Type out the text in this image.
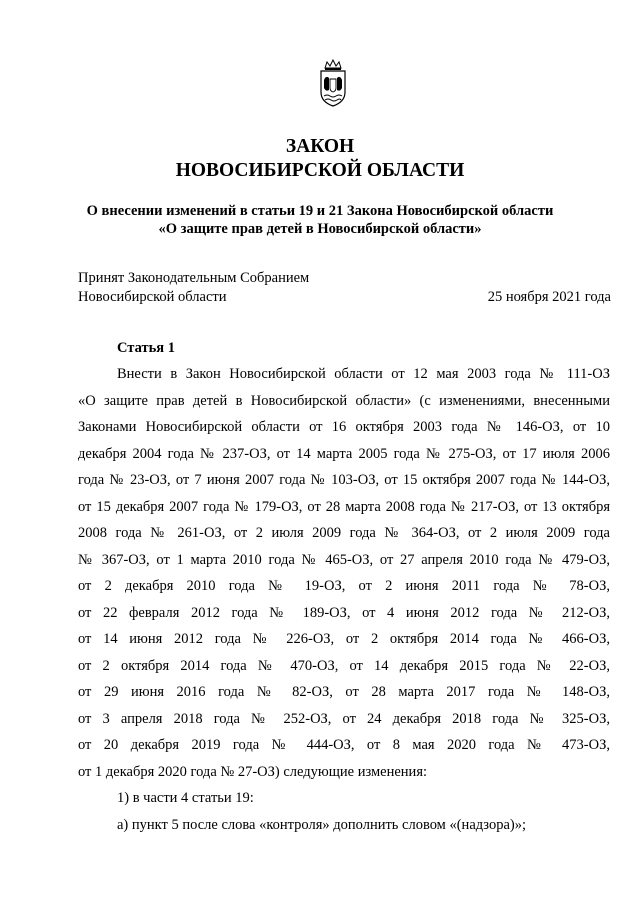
ЗАКОН
НОВОСИБИРСКОЙ ОБЛАСТИ
О внесении изменений в статьи 19 и 21 Закона Новосибирской области
«О защите прав детей в Новосибирской области»
Принят Законодательным Собранием
Новосибирской области	25 ноября 2021 года
Статья 1
Внести в Закон Новосибирской области от 12 мая 2003 года № 111-ОЗ
«О защите прав детей в Новосибирской области» (с изменениями, внесенными
Законами Новосибирской области от 16 октября 2003 года № 146-ОЗ, от 10
декабря 2004 года № 237-ОЗ, от 14 марта 2005 года № 275-ОЗ, от 17 июля 2006
года № 23-ОЗ, от 7 июня 2007 года № 103-ОЗ, от 15 октября 2007 года № 144-ОЗ,
от 15 декабря 2007 года № 179-ОЗ, от 28 марта 2008 года № 217-ОЗ, от 13 октября
2008 года № 261-ОЗ, от 2 июля 2009 года № 364-ОЗ, от 2 июля 2009 года
№ 367-ОЗ, от 1 марта 2010 года № 465-ОЗ, от 27 апреля 2010 года № 479-ОЗ,
от 2 декабря 2010 года № 19-ОЗ, от 2 июня 2011 года № 78-ОЗ,
от 22 февраля 2012 года № 189-ОЗ, от 4 июня 2012 года № 212-ОЗ,
от 14 июня 2012 года № 226-ОЗ, от 2 октября 2014 года № 466-ОЗ,
от 2 октября 2014 года № 470-ОЗ, от 14 декабря 2015 года № 22-ОЗ,
от 29 июня 2016 года № 82-ОЗ, от 28 марта 2017 года № 148-ОЗ,
от 3 апреля 2018 года № 252-ОЗ, от 24 декабря 2018 года № 325-ОЗ,
от 20 декабря 2019 года № 444-ОЗ, от 8 мая 2020 года № 473-ОЗ,
от 1 декабря 2020 года № 27-ОЗ) следующие изменения:
1) в части 4 статьи 19:
а) пункт 5 после слова «контроля» дополнить словом «(надзора)»;
